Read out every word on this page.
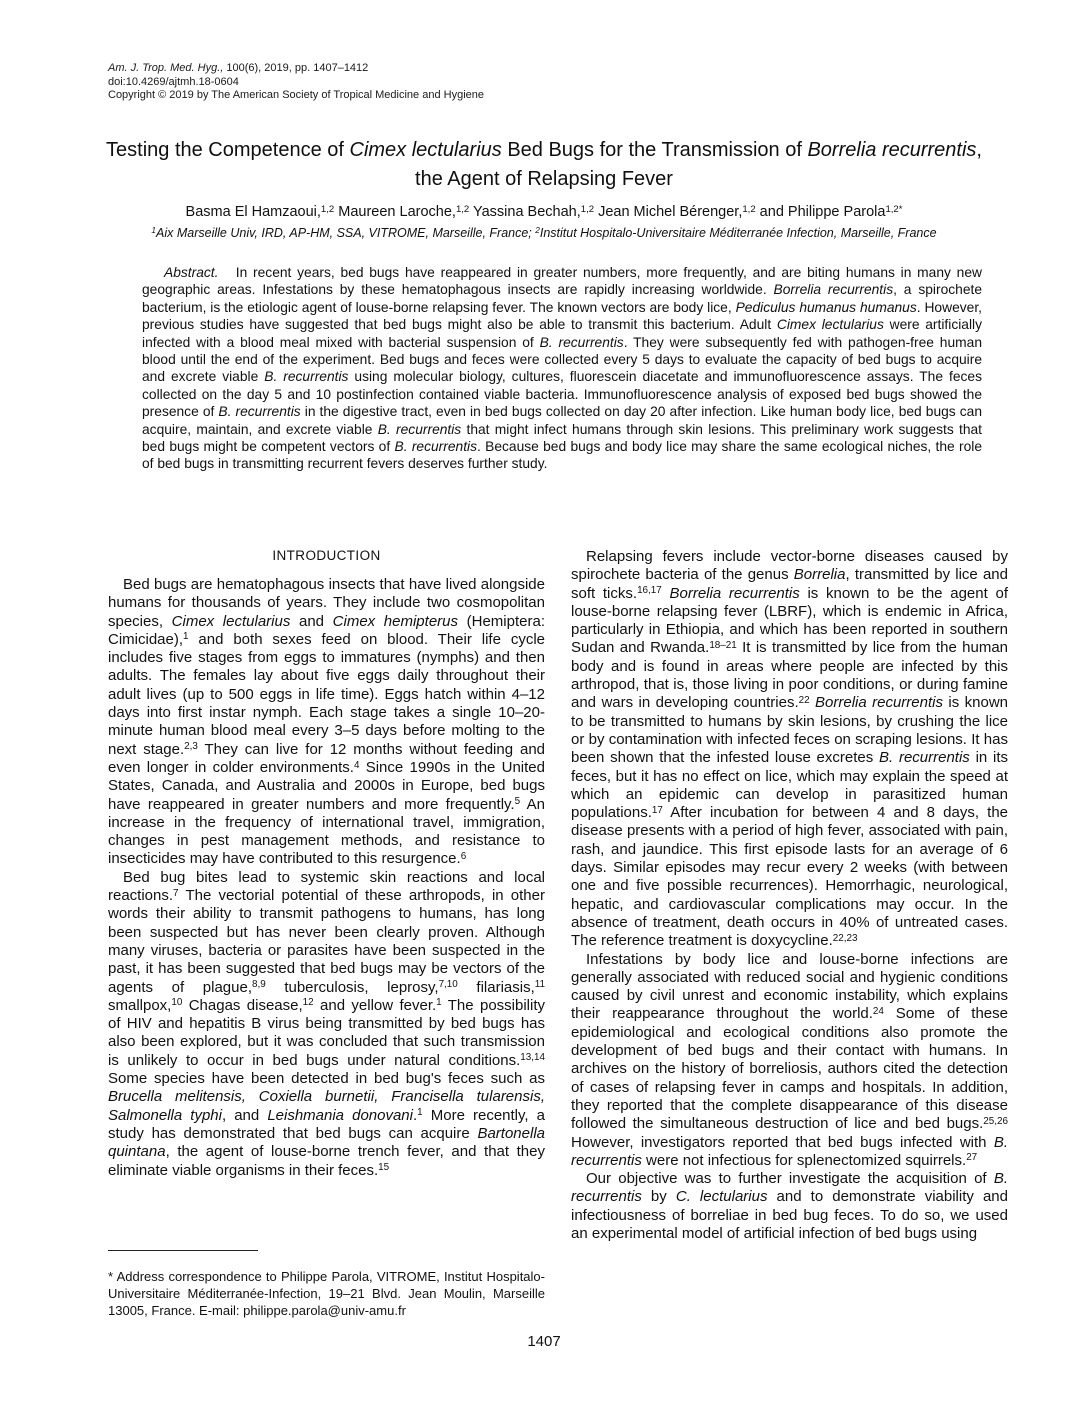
Am. J. Trop. Med. Hyg., 100(6), 2019, pp. 1407–1412
doi:10.4269/ajtmh.18-0604
Copyright © 2019 by The American Society of Tropical Medicine and Hygiene
Testing the Competence of Cimex lectularius Bed Bugs for the Transmission of Borrelia recurrentis, the Agent of Relapsing Fever
Basma El Hamzaoui,$^{1,2}$ Maureen Laroche,$^{1,2}$ Yassina Bechah,$^{1,2}$ Jean Michel Bérenger,$^{1,2}$ and Philippe Parola$^{1,2*}$
$^1$Aix Marseille Univ, IRD, AP-HM, SSA, VITROME, Marseille, France; $^2$Institut Hospitalo-Universitaire Méditerranée Infection, Marseille, France

Abstract.   In recent years, bed bugs have reappeared in greater numbers, more frequently, and are biting humans in many new geographic areas. Infestations by these hematophagous insects are rapidly increasing worldwide. Borrelia recurrentis, a spirochete bacterium, is the etiologic agent of louse-borne relapsing fever. The known vectors are body lice, Pediculus humanus humanus. However, previous studies have suggested that bed bugs might also be able to transmit this bacterium. Adult Cimex lectularius were artificially infected with a blood meal mixed with bacterial suspension of B. recurrentis. They were subsequently fed with pathogen-free human blood until the end of the experiment. Bed bugs and feces were collected every 5 days to evaluate the capacity of bed bugs to acquire and excrete viable B. recurrentis using molecular biology, cultures, fluorescein diacetate and immunofluorescence assays. The feces collected on the day 5 and 10 postinfection contained viable bacteria. Immunofluorescence analysis of exposed bed bugs showed the presence of B. recurrentis in the digestive tract, even in bed bugs collected on day 20 after infection. Like human body lice, bed bugs can acquire, maintain, and excrete viable B. recurrentis that might infect humans through skin lesions. This preliminary work suggests that bed bugs might be competent vectors of B. recurrentis. Because bed bugs and body lice may share the same ecological niches, the role of bed bugs in transmitting recurrent fevers deserves further study.

INTRODUCTION

Bed bugs are hematophagous insects that have lived alongside humans for thousands of years. They include two cosmopolitan species, Cimex lectularius and Cimex hemipterus (Hemiptera: Cimicidae),$^1$ and both sexes feed on blood. Their life cycle includes five stages from eggs to immatures (nymphs) and then adults. The females lay about five eggs daily throughout their adult lives (up to 500 eggs in life time). Eggs hatch within 4–12 days into first instar nymph. Each stage takes a single 10–20-minute human blood meal every 3–5 days before molting to the next stage.$^{2,3}$ They can live for 12 months without feeding and even longer in colder environments.$^4$ Since 1990s in the United States, Canada, and Australia and 2000s in Europe, bed bugs have reappeared in greater numbers and more frequently.$^5$ An increase in the frequency of international travel, immigration, changes in pest management methods, and resistance to insecticides may have contributed to this resurgence.$^6$

Bed bug bites lead to systemic skin reactions and local reactions.$^7$ The vectorial potential of these arthropods, in other words their ability to transmit pathogens to humans, has long been suspected but has never been clearly proven. Although many viruses, bacteria or parasites have been suspected in the past, it has been suggested that bed bugs may be vectors of the agents of plague,$^{8,9}$ tuberculosis, leprosy,$^{7,10}$ filariasis,$^{11}$ smallpox,$^{10}$ Chagas disease,$^{12}$ and yellow fever.$^1$ The possibility of HIV and hepatitis B virus being transmitted by bed bugs has also been explored, but it was concluded that such transmission is unlikely to occur in bed bugs under natural conditions.$^{13,14}$ Some species have been detected in bed bug's feces such as Brucella melitensis, Coxiella burnetii, Francisella tularensis, Salmonella typhi, and Leishmania donovani.$^1$ More recently, a study has demonstrated that bed bugs can acquire Bartonella quintana, the agent of louse-borne trench fever, and that they eliminate viable organisms in their feces.$^{15}$

Relapsing fevers include vector-borne diseases caused by spirochete bacteria of the genus Borrelia, transmitted by lice and soft ticks.$^{16,17}$ Borrelia recurrentis is known to be the agent of louse-borne relapsing fever (LBRF), which is endemic in Africa, particularly in Ethiopia, and which has been reported in southern Sudan and Rwanda.$^{18-21}$ It is transmitted by lice from the human body and is found in areas where people are infected by this arthropod, that is, those living in poor conditions, or during famine and wars in developing countries.$^{22}$ Borrelia recurrentis is known to be transmitted to humans by skin lesions, by crushing the lice or by contamination with infected feces on scraping lesions. It has been shown that the infested louse excretes B. recurrentis in its feces, but it has no effect on lice, which may explain the speed at which an epidemic can develop in parasitized human populations.$^{17}$ After incubation for between 4 and 8 days, the disease presents with a period of high fever, associated with pain, rash, and jaundice. This first episode lasts for an average of 6 days. Similar episodes may recur every 2 weeks (with between one and five possible recurrences). Hemorrhagic, neurological, hepatic, and cardiovascular complications may occur. In the absence of treatment, death occurs in 40% of untreated cases. The reference treatment is doxycycline.$^{22,23}$

Infestations by body lice and louse-borne infections are generally associated with reduced social and hygienic conditions caused by civil unrest and economic instability, which explains their reappearance throughout the world.$^{24}$ Some of these epidemiological and ecological conditions also promote the development of bed bugs and their contact with humans. In archives on the history of borreliosis, authors cited the detection of cases of relapsing fever in camps and hospitals. In addition, they reported that the complete disappearance of this disease followed the simultaneous destruction of lice and bed bugs.$^{25,26}$ However, investigators reported that bed bugs infected with B. recurrentis were not infectious for splenectomized squirrels.$^{27}$

Our objective was to further investigate the acquisition of B. recurrentis by C. lectularius and to demonstrate viability and infectiousness of borreliae in bed bug feces. To do so, we used an experimental model of artificial infection of bed bugs using

* Address correspondence to Philippe Parola, VITROME, Institut Hospitalo-Universitaire Méditerranée-Infection, 19–21 Blvd. Jean Moulin, Marseille 13005, France. E-mail: philippe.parola@univ-amu.fr

1407
